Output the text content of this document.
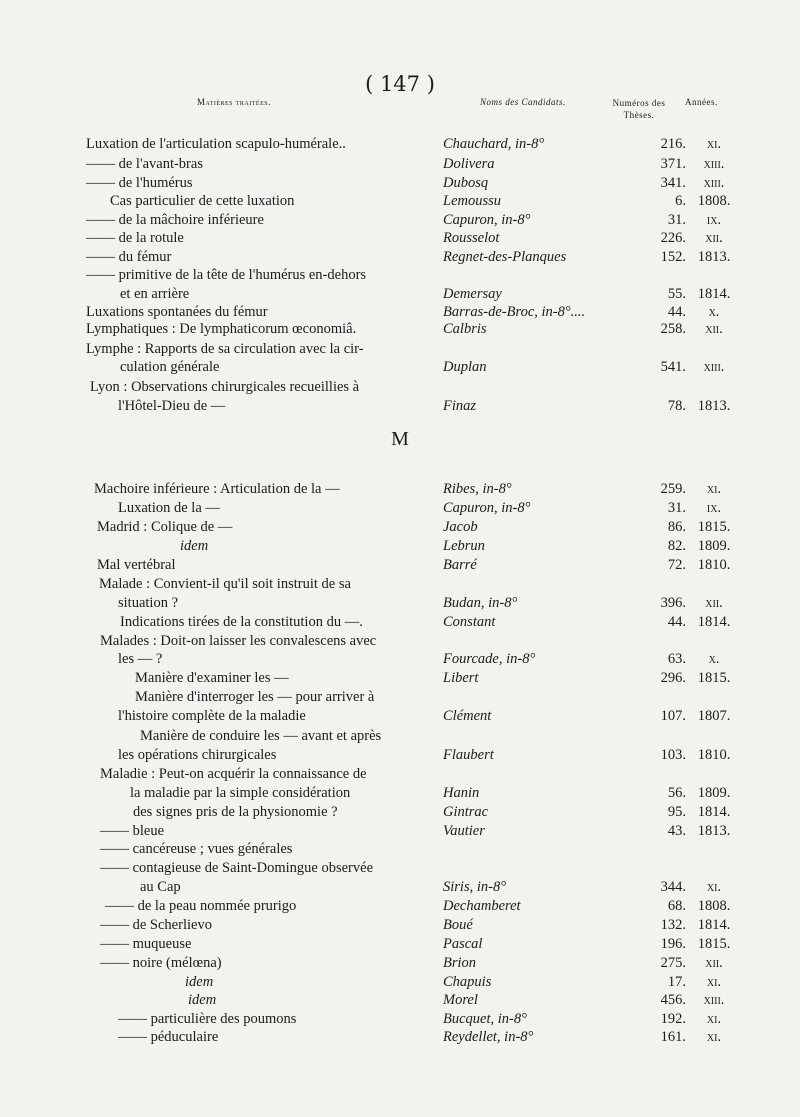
( 147 )
Matières traitées.	Noms des Candidats.	Numéros des Thèses.
Années.
M
Luxation de l'articulation scapulo-humérale..	Chauchard, in-8°	216.	xi.
—— de l'avant-bras	Dolivera	371.	xiii.
—— de l'humérus	Dubosq	341.	xiii.
Cas particulier de cette luxation	Lemoussu	6. 1808.
—— de la mâchoire inférieure	Capuron, in-8°	31.	ix.
—— de la rotule	Rousselot	226.	xii.
—— du fémur	Regnet-des-Planques	152. 1813.
—— primitive de la tête de l'humérus en-dehors
et en arrière	Demersay	55. 1814.
Luxations spontanées du fémur	Barras-de-Broc, in-8°....	44.	x.
Lymphatiques : De lymphaticorum œconomiâ.	Calbris	258.	xii.
Lymphe : Rapports de sa circulation avec la cir-
culation générale	Duplan	541.	xiii.
Lyon : Observations chirurgicales recueillies à
l'Hôtel-Dieu de —	Finaz	78. 1813.
Machoire inférieure : Articulation de la —	Ribes, in-8°	259.	xi.
Luxation de la —	Capuron, in-8°	31.	ix.
Madrid : Colique de —	Jacob	86. 1815.
idem	Lebrun	82. 1809.
Mal vertébral	Barré	72. 1810.
Malade : Convient-il qu'il soit instruit de sa
situation ?	Budan, in-8°	396.	xii.
Indications tirées de la constitution du —.	Constant	44. 1814.
Malades : Doit-on laisser les convalescens avec
les — ?	Fourcade, in-8°	63.	x.
Manière d'examiner les —	Libert	296. 1815.
Manière d'interroger les — pour arriver à
l'histoire complète de la maladie	Clément	107. 1807.
Manière de conduire les — avant et après
les opérations chirurgicales	Flaubert	103. 1810.
Maladie : Peut-on acquérir la connaissance de
la maladie par la simple considération	Hanin	56. 1809.
des signes pris de la physionomie ?	Gintrac	95. 1814.
—— bleue	Vautier	43. 1813.
—— cancéreuse ; vues générales
—— contagieuse de Saint-Domingue observée
au Cap	Siris, in-8°	344.	xi.
—— de la peau nommée prurigo	Dechamberet	68. 1808.
—— de Scherlievo	Boué	132. 1814.
—— muqueuse	Pascal	196. 1815.
—— noire (mélœna)	Brion	275.	xii.
idem	Chapuis	17.	xi.
idem	Morel	456.	xiii.
—— particulière des poumons	Bucquet, in-8°	192.	xi.
—— péduculaire	Reydellet, in-8°	161.	xi.
